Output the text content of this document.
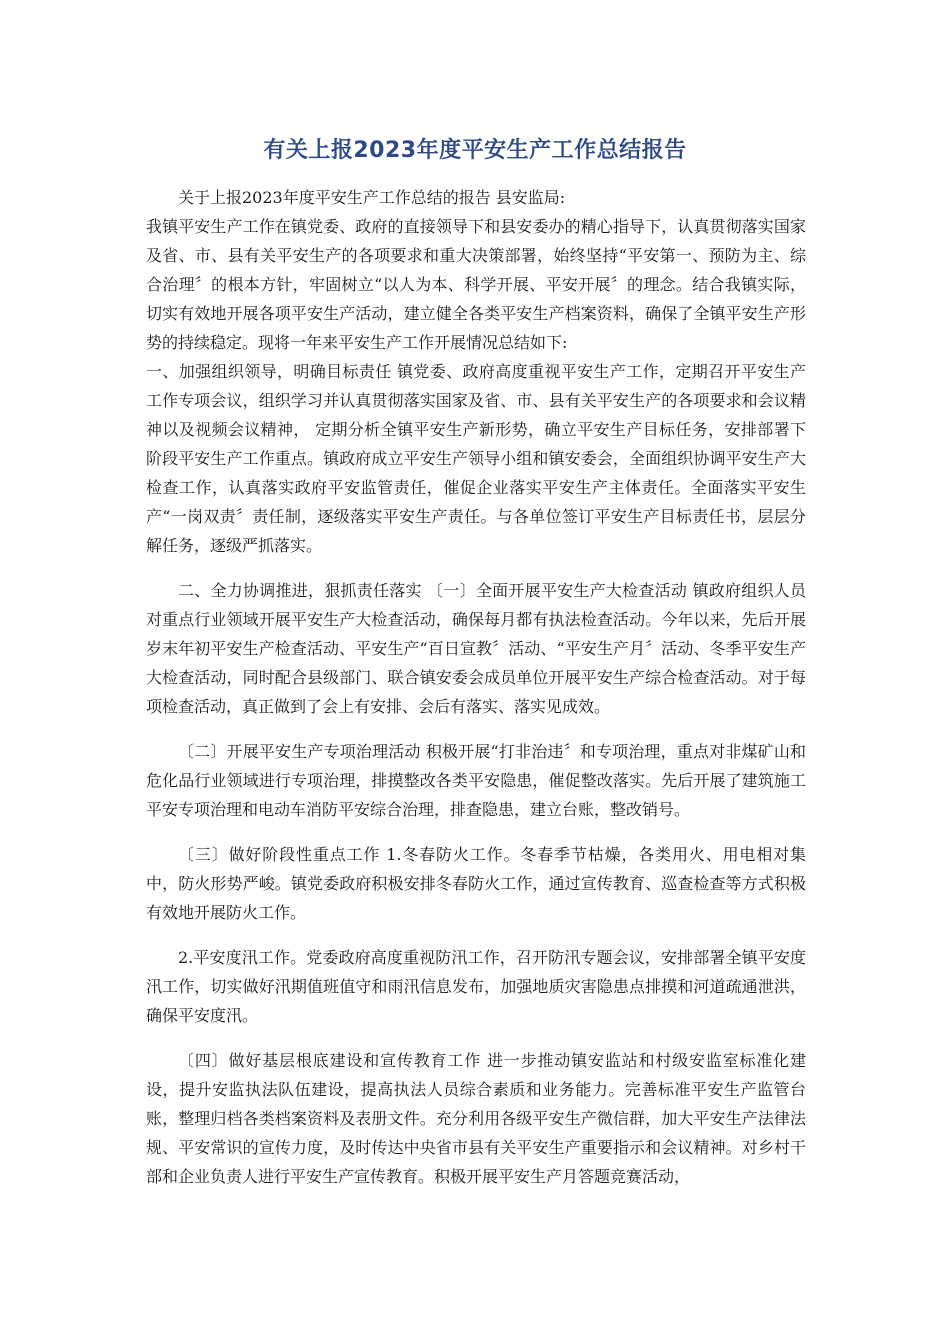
有关上报2023年度平安生产工作总结报告

关于上报2023年度平安生产工作总结的报告 县安监局:

我镇平安生产工作在镇党委、政府的直接领导下和县安委办的精心指导下，认真贯彻落实国家及省、市、县有关平安生产的各项要求和重大决策部署，始终坚持“平安第一、预防为主、综合治理〞的根本方针，牢固树立“以人为本、科学开展、平安开展〞的理念。结合我镇实际，切实有效地开展各项平安生产活动，建立健全各类平安生产档案资料，确保了全镇平安生产形势的持续稳定。现将一年来平安生产工作开展情况总结如下:

一、加强组织领导，明确目标责任 镇党委、政府高度重视平安生产工作，定期召开平安生产工作专项会议，组织学习并认真贯彻落实国家及省、市、县有关平安生产的各项要求和会议精神以及视频会议精神， 定期分析全镇平安生产新形势，确立平安生产目标任务，安排部署下阶段平安生产工作重点。镇政府成立平安生产领导小组和镇安委会，全面组织协调平安生产大检查工作，认真落实政府平安监管责任，催促企业落实平安生产主体责任。全面落实平安生产“一岗双责〞责任制，逐级落实平安生产责任。与各单位签订平安生产目标责任书，层层分解任务，逐级严抓落实。

二、全力协调推进，狠抓责任落实 〔一〕全面开展平安生产大检查活动 镇政府组织人员对重点行业领域开展平安生产大检查活动，确保每月都有执法检查活动。今年以来，先后开展岁末年初平安生产检查活动、平安生产“百日宣教〞活动、“平安生产月〞活动、冬季平安生产大检查活动，同时配合县级部门、联合镇安委会成员单位开展平安生产综合检查活动。对于每项检查活动，真正做到了会上有安排、会后有落实、落实见成效。

〔二〕开展平安生产专项治理活动 积极开展“打非治违〞和专项治理，重点对非煤矿山和危化品行业领域进行专项治理，排摸整改各类平安隐患，催促整改落实。先后开展了建筑施工平安专项治理和电动车消防平安综合治理，排查隐患，建立台账，整改销号。

〔三〕做好阶段性重点工作 1.冬春防火工作。冬春季节枯燥，各类用火、用电相对集中，防火形势严峻。镇党委政府积极安排冬春防火工作，通过宣传教育、巡查检查等方式积极有效地开展防火工作。

2.平安度汛工作。党委政府高度重视防汛工作，召开防汛专题会议，安排部署全镇平安度汛工作，切实做好汛期值班值守和雨汛信息发布，加强地质灾害隐患点排摸和河道疏通泄洪，确保平安度汛。

〔四〕做好基层根底建设和宣传教育工作 进一步推动镇安监站和村级安监室标准化建设，提升安监执法队伍建设，提高执法人员综合素质和业务能力。完善标准平安生产监管台账，整理归档各类档案资料及表册文件。充分利用各级平安生产微信群，加大平安生产法律法规、平安常识的宣传力度，及时传达中央省市县有关平安生产重要指示和会议精神。对乡村干部和企业负责人进行平安生产宣传教育。积极开展平安生产月答题竞赛活动，
